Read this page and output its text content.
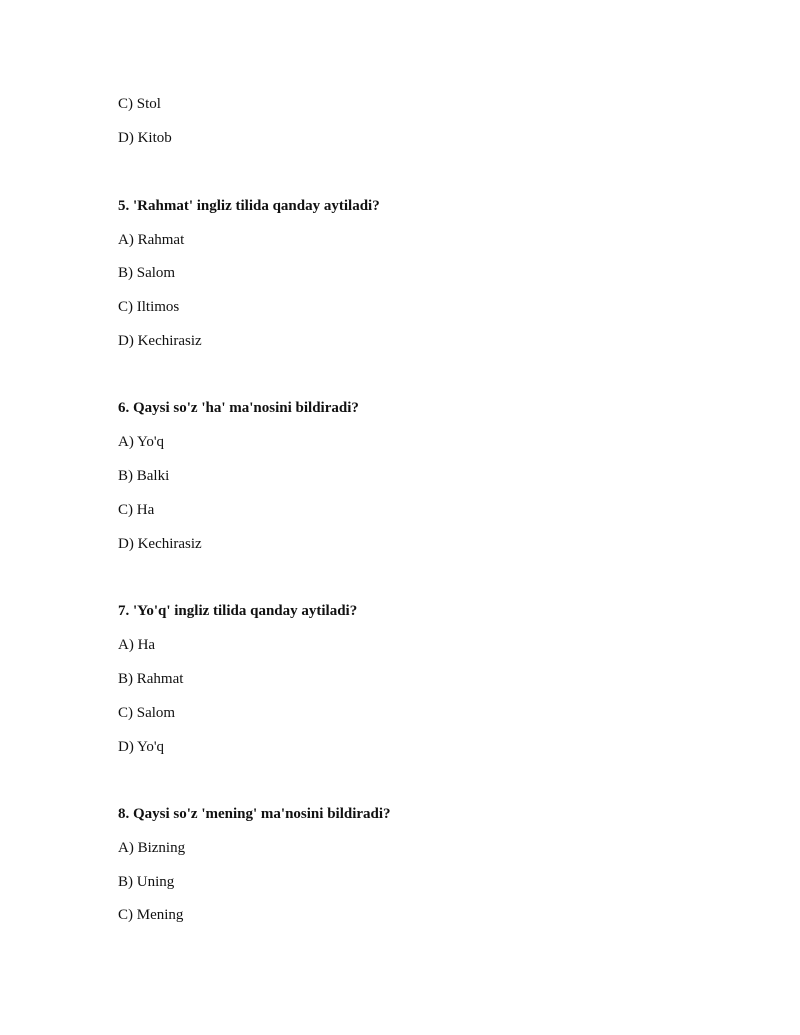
C) Stol
D) Kitob
5. 'Rahmat' ingliz tilida qanday aytiladi?
A) Rahmat
B) Salom
C) Iltimos
D) Kechirasiz
6. Qaysi so'z 'ha' ma'nosini bildiradi?
A) Yo'q
B) Balki
C) Ha
D) Kechirasiz
7. 'Yo'q' ingliz tilida qanday aytiladi?
A) Ha
B) Rahmat
C) Salom
D) Yo'q
8. Qaysi so'z 'mening' ma'nosini bildiradi?
A) Bizning
B) Uning
C) Mening
